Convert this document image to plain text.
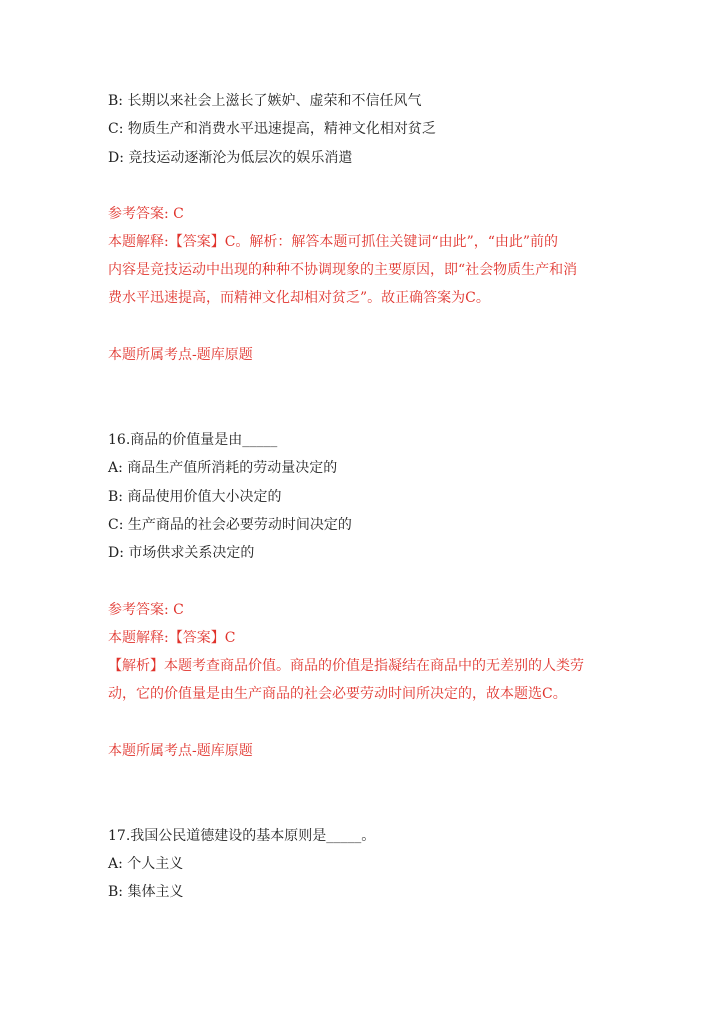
B: 长期以来社会上滋长了嫉妒、虚荣和不信任风气

C: 物质生产和消费水平迅速提高，精神文化相对贫乏

D: 竞技运动逐渐沦为低层次的娱乐消遣

参考答案: C

本题解释:【答案】C。解析：解答本题可抓住关键词“由此”，“由此”前的

内容是竞技运动中出现的种种不协调现象的主要原因，即“社会物质生产和消

费水平迅速提高，而精神文化却相对贫乏”。故正确答案为C。

本题所属考点-题库原题

16.商品的价值量是由_____

A: 商品生产值所消耗的劳动量决定的

B: 商品使用价值大小决定的

C: 生产商品的社会必要劳动时间决定的

D: 市场供求关系决定的

参考答案: C

本题解释:【答案】C

【解析】本题考查商品价值。商品的价值是指凝结在商品中的无差别的人类劳

动，它的价值量是由生产商品的社会必要劳动时间所决定的，故本题选C。

本题所属考点-题库原题

17.我国公民道德建设的基本原则是_____。

A: 个人主义

B: 集体主义
